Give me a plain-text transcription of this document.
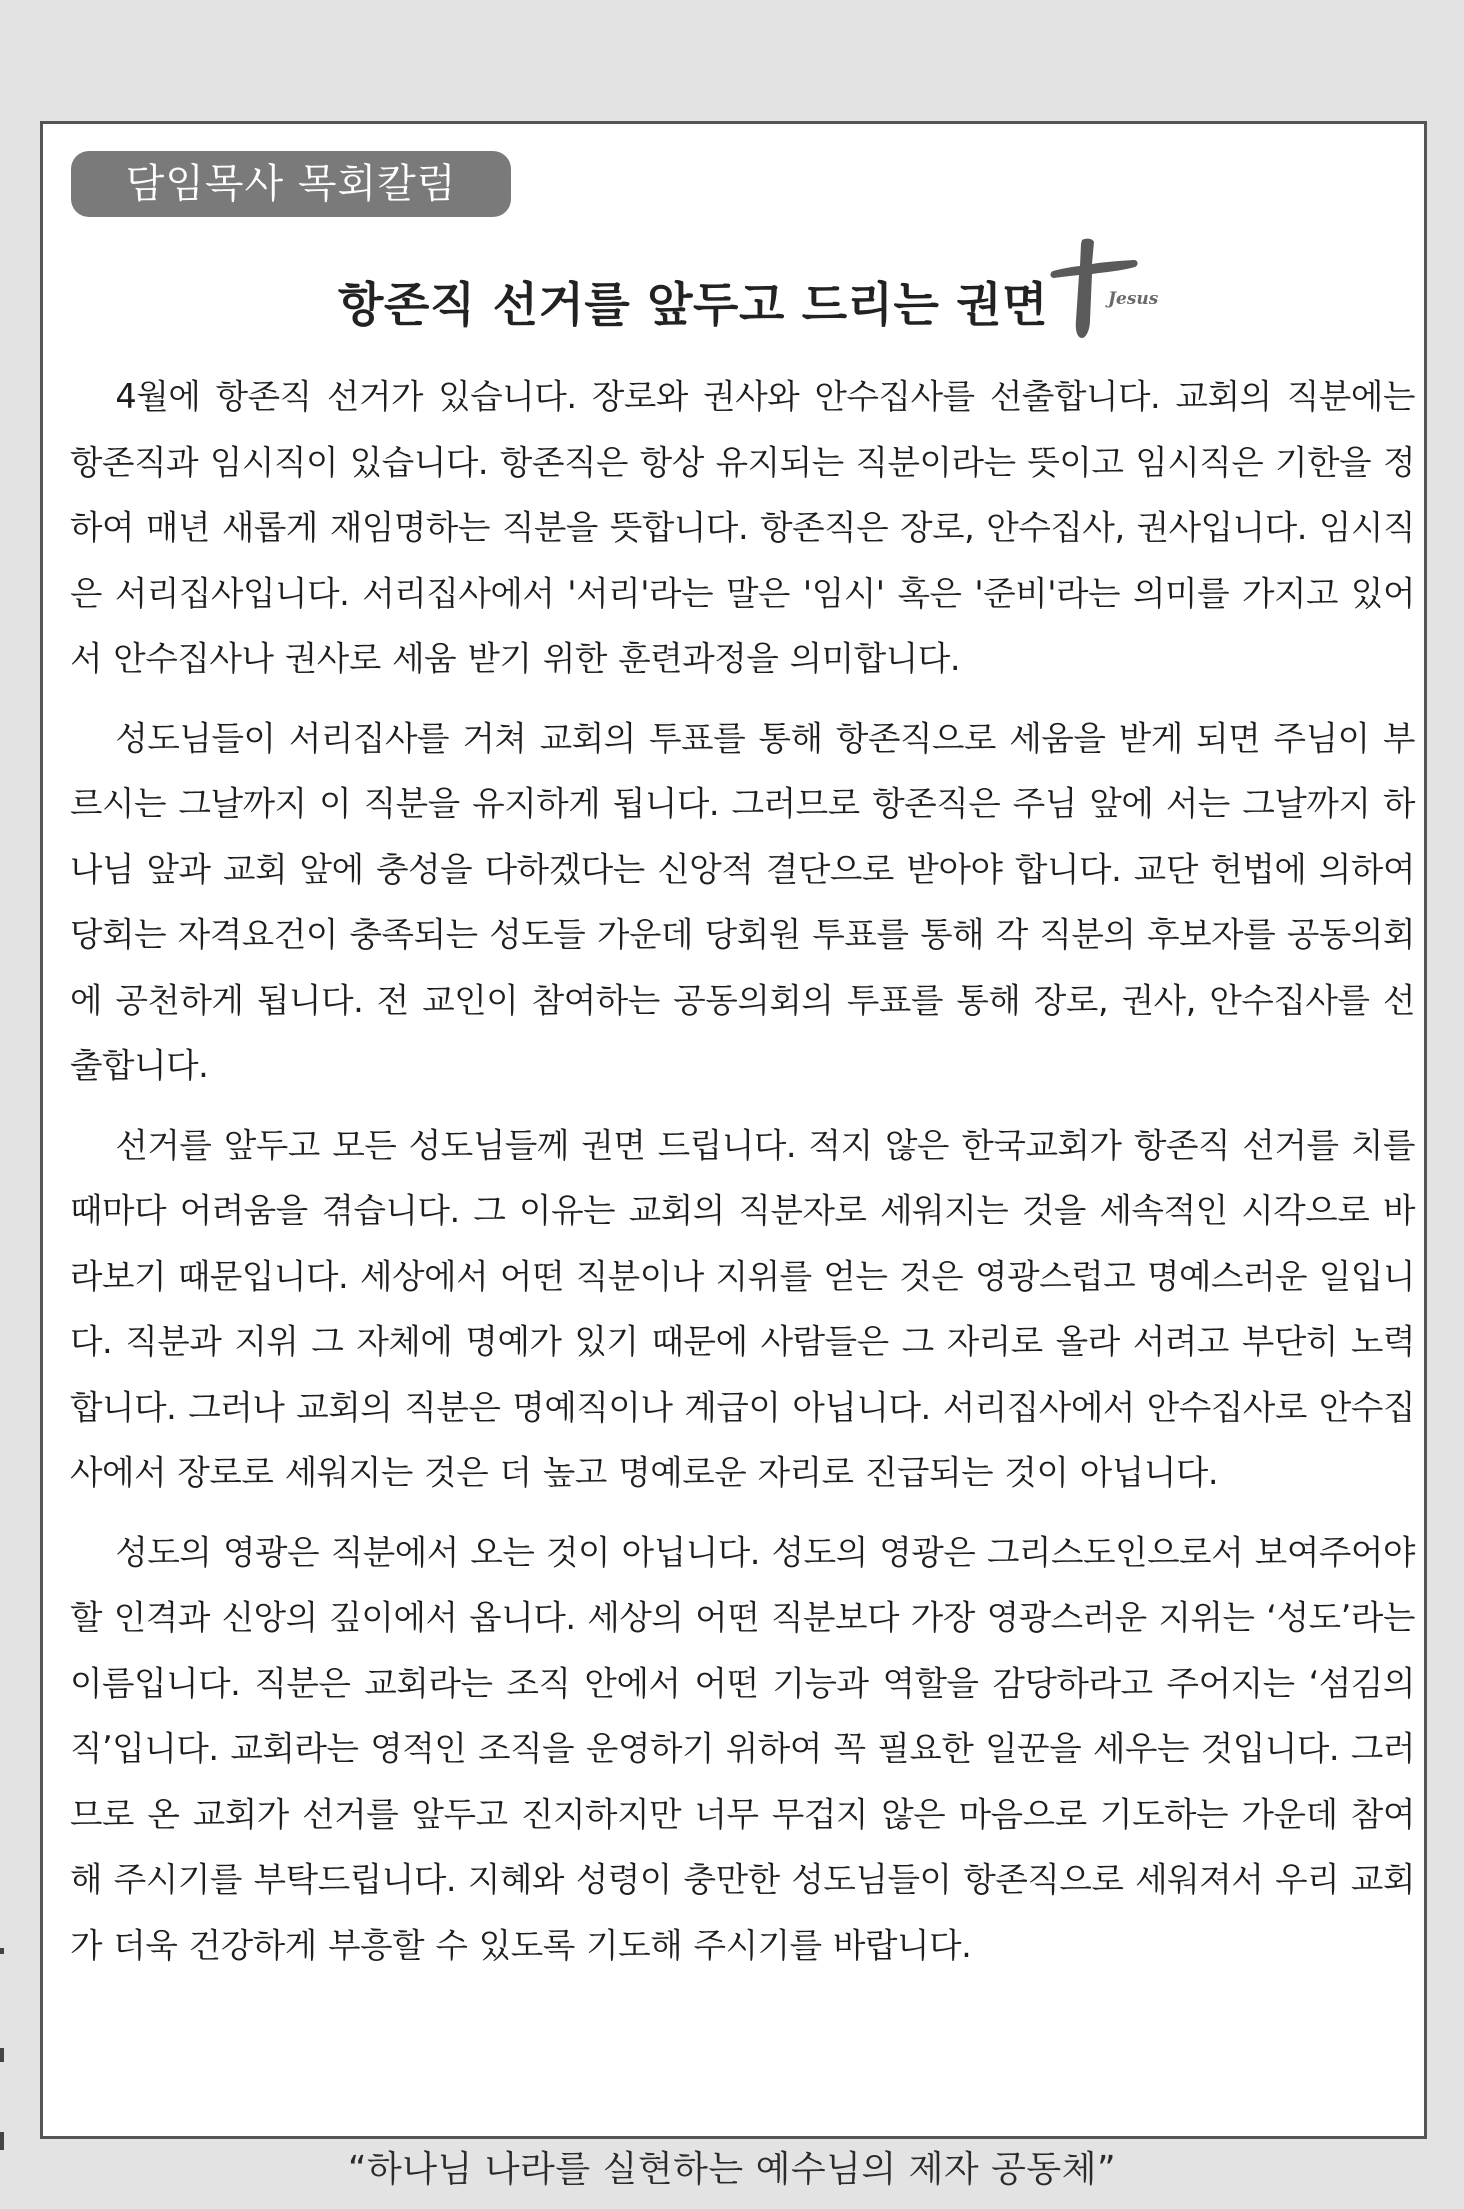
담임목사 목회칼럼
항존직 선거를 앞두고 드리는 권면	Jesus

4월에 항존직 선거가 있습니다. 장로와 권사와 안수집사를 선출합니다. 교회의 직분에는 항존직과 임시직이 있습니다. 항존직은 항상 유지되는 직분이라는 뜻이고 임시직은 기한을 정하여 매년 새롭게 재임명하는 직분을 뜻합니다. 항존직은 장로, 안수집사, 권사입니다. 임시직은 서리집사입니다. 서리집사에서 '서리'라는 말은 '임시' 혹은 '준비'라는 의미를 가지고 있어서 안수집사나 권사로 세움 받기 위한 훈련과정을 의미합니다.

성도님들이 서리집사를 거쳐 교회의 투표를 통해 항존직으로 세움을 받게 되면 주님이 부르시는 그날까지 이 직분을 유지하게 됩니다. 그러므로 항존직은 주님 앞에 서는 그날까지 하나님 앞과 교회 앞에 충성을 다하겠다는 신앙적 결단으로 받아야 합니다. 교단 헌법에 의하여 당회는 자격요건이 충족되는 성도들 가운데 당회원 투표를 통해 각 직분의 후보자를 공동의회에 공천하게 됩니다. 전 교인이 참여하는 공동의회의 투표를 통해 장로, 권사, 안수집사를 선출합니다.

선거를 앞두고 모든 성도님들께 권면 드립니다. 적지 않은 한국교회가 항존직 선거를 치를 때마다 어려움을 겪습니다. 그 이유는 교회의 직분자로 세워지는 것을 세속적인 시각으로 바라보기 때문입니다. 세상에서 어떤 직분이나 지위를 얻는 것은 영광스럽고 명예스러운 일입니다. 직분과 지위 그 자체에 명예가 있기 때문에 사람들은 그 자리로 올라 서려고 부단히 노력합니다. 그러나 교회의 직분은 명예직이나 계급이 아닙니다. 서리집사에서 안수집사로 안수집사에서 장로로 세워지는 것은 더 높고 명예로운 자리로 진급되는 것이 아닙니다.

성도의 영광은 직분에서 오는 것이 아닙니다. 성도의 영광은 그리스도인으로서 보여주어야 할 인격과 신앙의 깊이에서 옵니다. 세상의 어떤 직분보다 가장 영광스러운 지위는 ‘성도’라는 이름입니다. 직분은 교회라는 조직 안에서 어떤 기능과 역할을 감당하라고 주어지는 ‘섬김의 직’입니다. 교회라는 영적인 조직을 운영하기 위하여 꼭 필요한 일꾼을 세우는 것입니다. 그러므로 온 교회가 선거를 앞두고 진지하지만 너무 무겁지 않은 마음으로 기도하는 가운데 참여해 주시기를 부탁드립니다. 지혜와 성령이 충만한 성도님들이 항존직으로 세워져서 우리 교회가 더욱 건강하게 부흥할 수 있도록 기도해 주시기를 바랍니다.

“하나님 나라를 실현하는 예수님의 제자 공동체”
